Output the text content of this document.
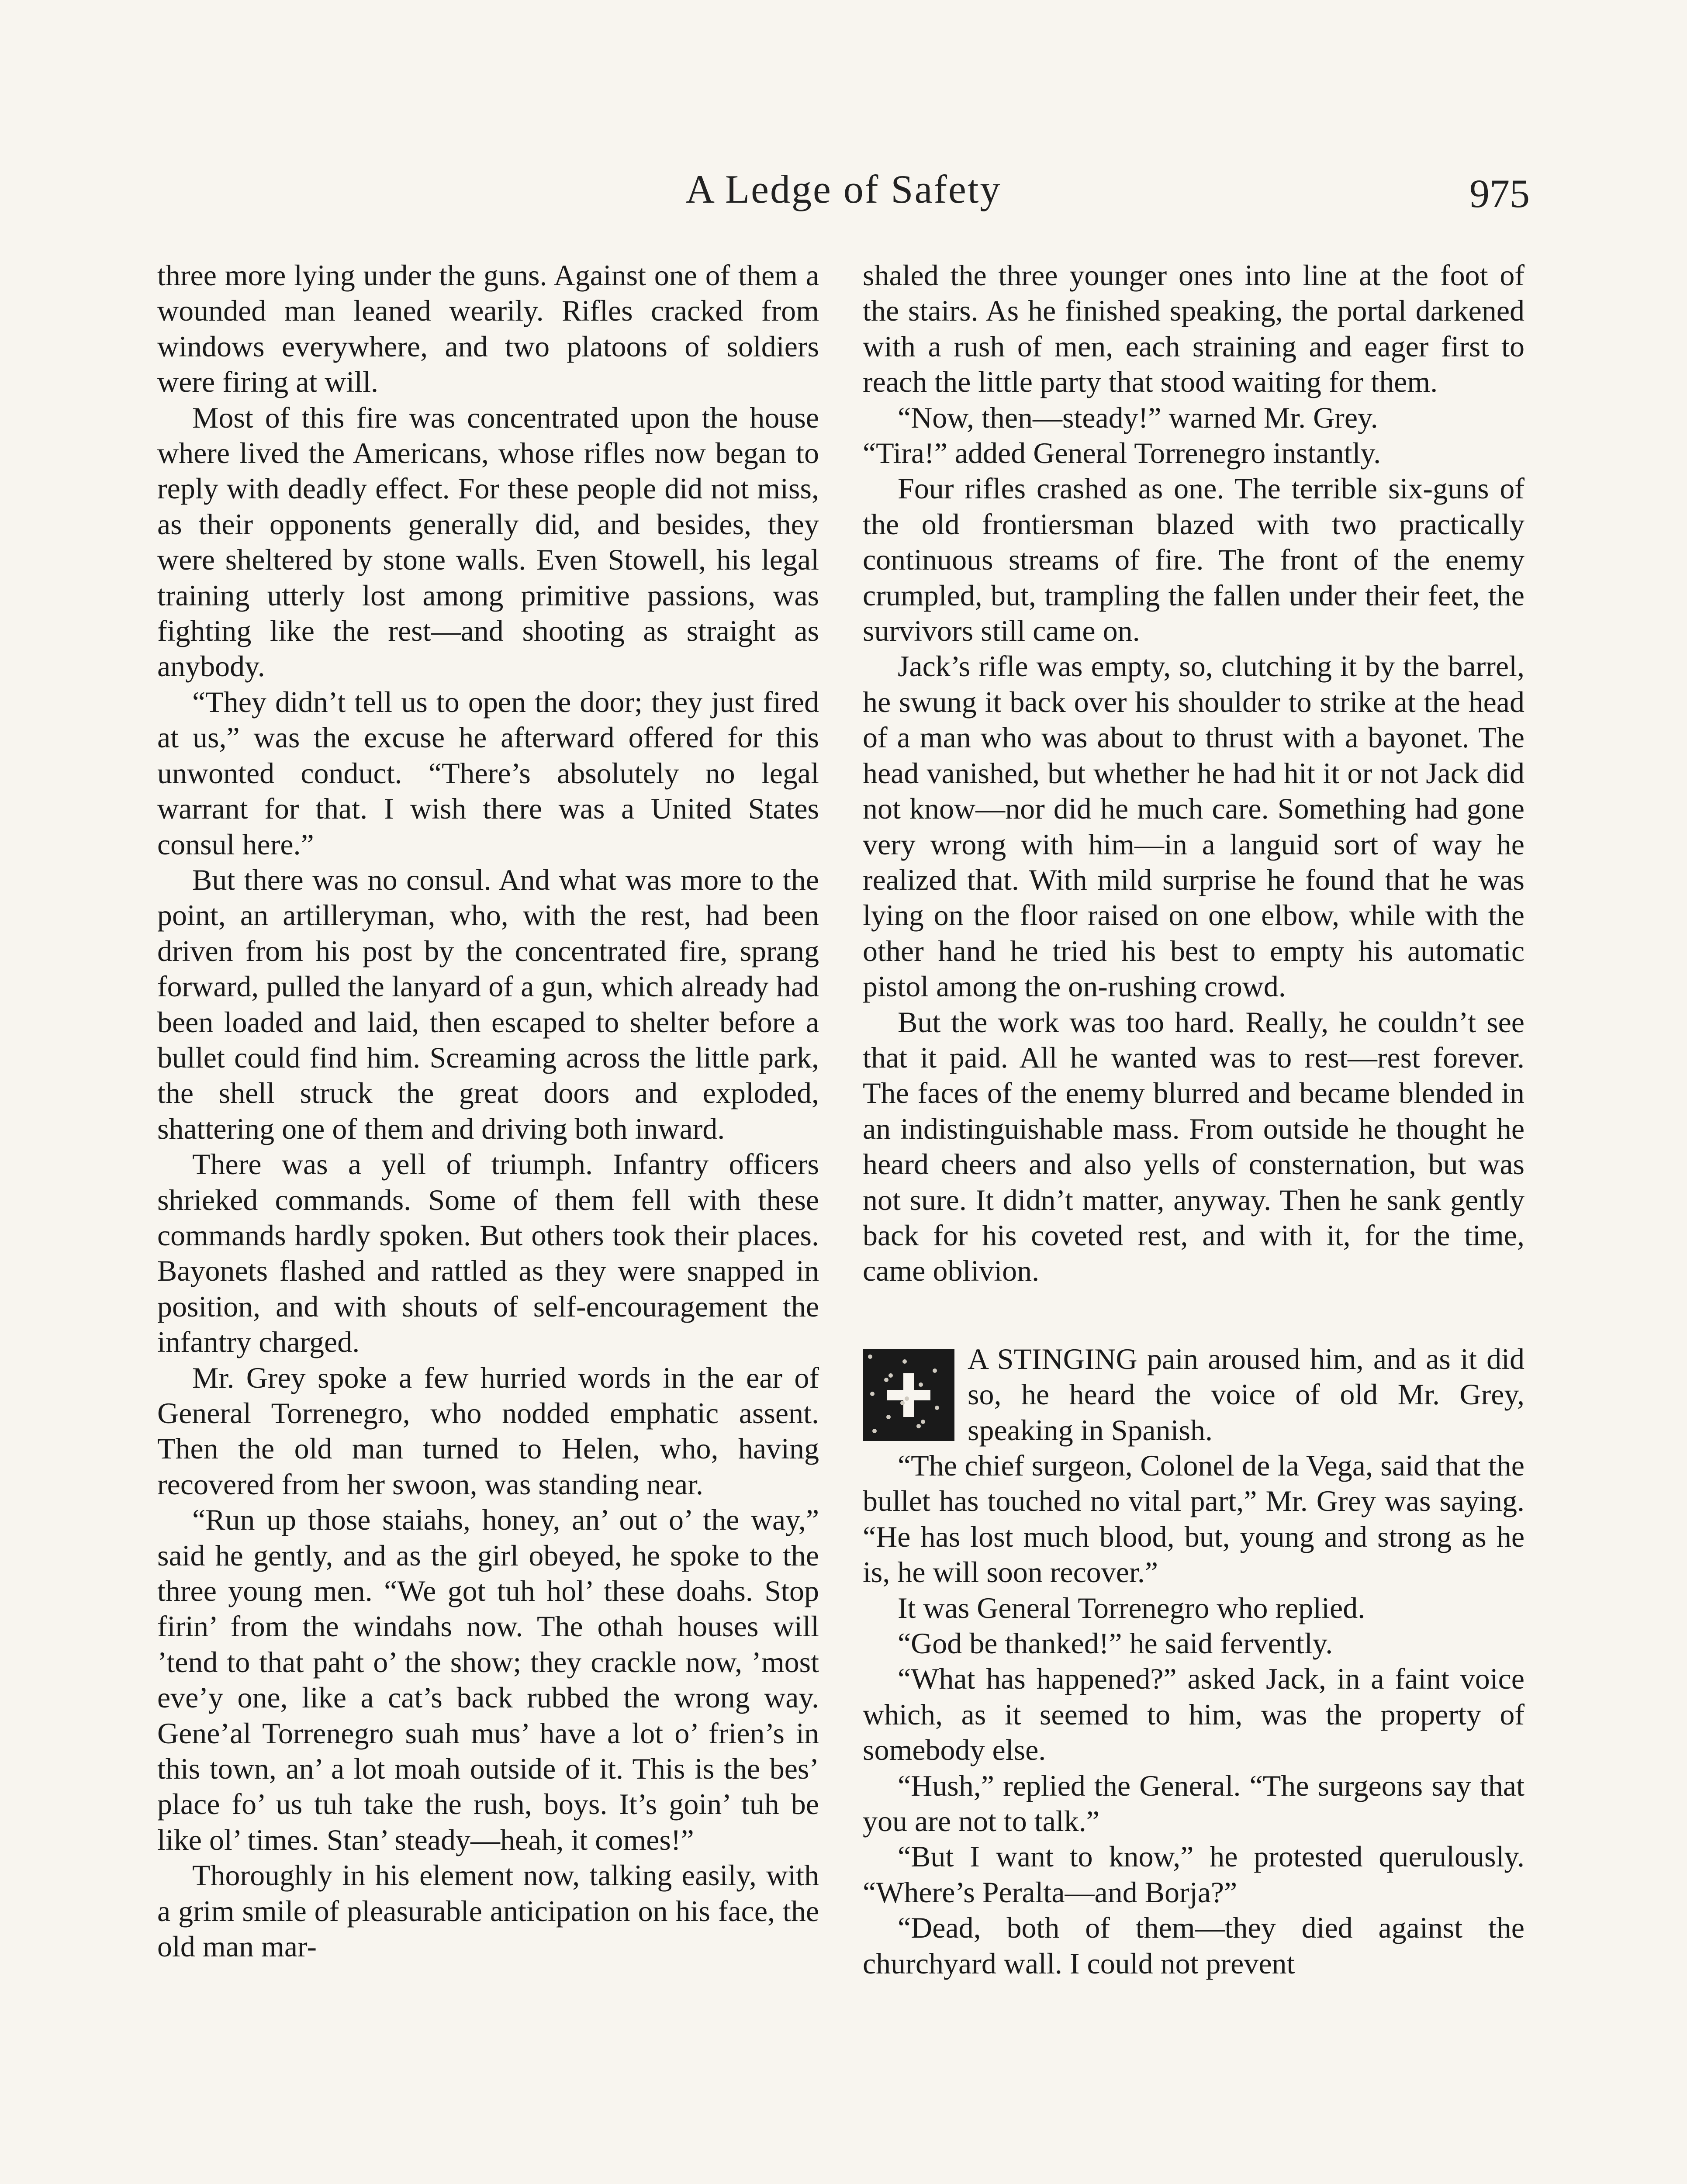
A Ledge of Safety	975

three more lying under the guns. Against one of them a wounded man leaned wearily. Rifles cracked from windows everywhere, and two platoons of soldiers were firing at will.

Most of this fire was concentrated upon the house where lived the Americans, whose rifles now began to reply with deadly effect. For these people did not miss, as their opponents generally did, and besides, they were sheltered by stone walls. Even Stowell, his legal training utterly lost among primitive passions, was fighting like the rest—and shooting as straight as anybody.

“They didn’t tell us to open the door; they just fired at us,” was the excuse he afterward offered for this unwonted conduct. “There’s absolutely no legal warrant for that. I wish there was a United States consul here.”

But there was no consul. And what was more to the point, an artilleryman, who, with the rest, had been driven from his post by the concentrated fire, sprang forward, pulled the lanyard of a gun, which already had been loaded and laid, then escaped to shelter before a bullet could find him. Screaming across the little park, the shell struck the great doors and exploded, shattering one of them and driving both inward.

There was a yell of triumph. Infantry officers shrieked commands. Some of them fell with these commands hardly spoken. But others took their places. Bayonets flashed and rattled as they were snapped in position, and with shouts of self-encouragement the infantry charged.

Mr. Grey spoke a few hurried words in the ear of General Torrenegro, who nodded emphatic assent. Then the old man turned to Helen, who, having recovered from her swoon, was standing near.

“Run up those staiahs, honey, an’ out o’ the way,” said he gently, and as the girl obeyed, he spoke to the three young men. “We got tuh hol’ these doahs. Stop firin’ from the windahs now. The othah houses will ’tend to that paht o’ the show; they crackle now, ’most eve’y one, like a cat’s back rubbed the wrong way. Gene’al Torrenegro suah mus’ have a lot o’ frien’s in this town, an’ a lot moah outside of it. This is the bes’ place fo’ us tuh take the rush, boys. It’s goin’ tuh be like ol’ times. Stan’ steady—heah, it comes!”

Thoroughly in his element now, talking easily, with a grim smile of pleasurable anticipation on his face, the old man mar-

shaled the three younger ones into line at the foot of the stairs. As he finished speaking, the portal darkened with a rush of men, each straining and eager first to reach the little party that stood waiting for them.

“Now, then—steady!” warned Mr. Grey.

“Tira!” added General Torrenegro instantly.

Four rifles crashed as one. The terrible six-guns of the old frontiersman blazed with two practically continuous streams of fire. The front of the enemy crumpled, but, trampling the fallen under their feet, the survivors still came on.

Jack’s rifle was empty, so, clutching it by the barrel, he swung it back over his shoulder to strike at the head of a man who was about to thrust with a bayonet. The head vanished, but whether he had hit it or not Jack did not know—nor did he much care. Something had gone very wrong with him—in a languid sort of way he realized that. With mild surprise he found that he was lying on the floor raised on one elbow, while with the other hand he tried his best to empty his automatic pistol among the on-rushing crowd.

But the work was too hard. Really, he couldn’t see that it paid. All he wanted was to rest—rest forever. The faces of the enemy blurred and became blended in an indistinguishable mass. From outside he thought he heard cheers and also yells of consternation, but was not sure. It didn’t matter, anyway. Then he sank gently back for his coveted rest, and with it, for the time, came oblivion.

A STINGING pain aroused him, and as it did so, he heard the voice of old Mr. Grey, speaking in Spanish.

“The chief surgeon, Colonel de la Vega, said that the bullet has touched no vital part,” Mr. Grey was saying. “He has lost much blood, but, young and strong as he is, he will soon recover.”

It was General Torrenegro who replied.

“God be thanked!” he said fervently.

“What has happened?” asked Jack, in a faint voice which, as it seemed to him, was the property of somebody else.

“Hush,” replied the General. “The surgeons say that you are not to talk.”

“But I want to know,” he protested querulously. “Where’s Peralta—and Borja?”

“Dead, both of them—they died against the churchyard wall. I could not prevent
